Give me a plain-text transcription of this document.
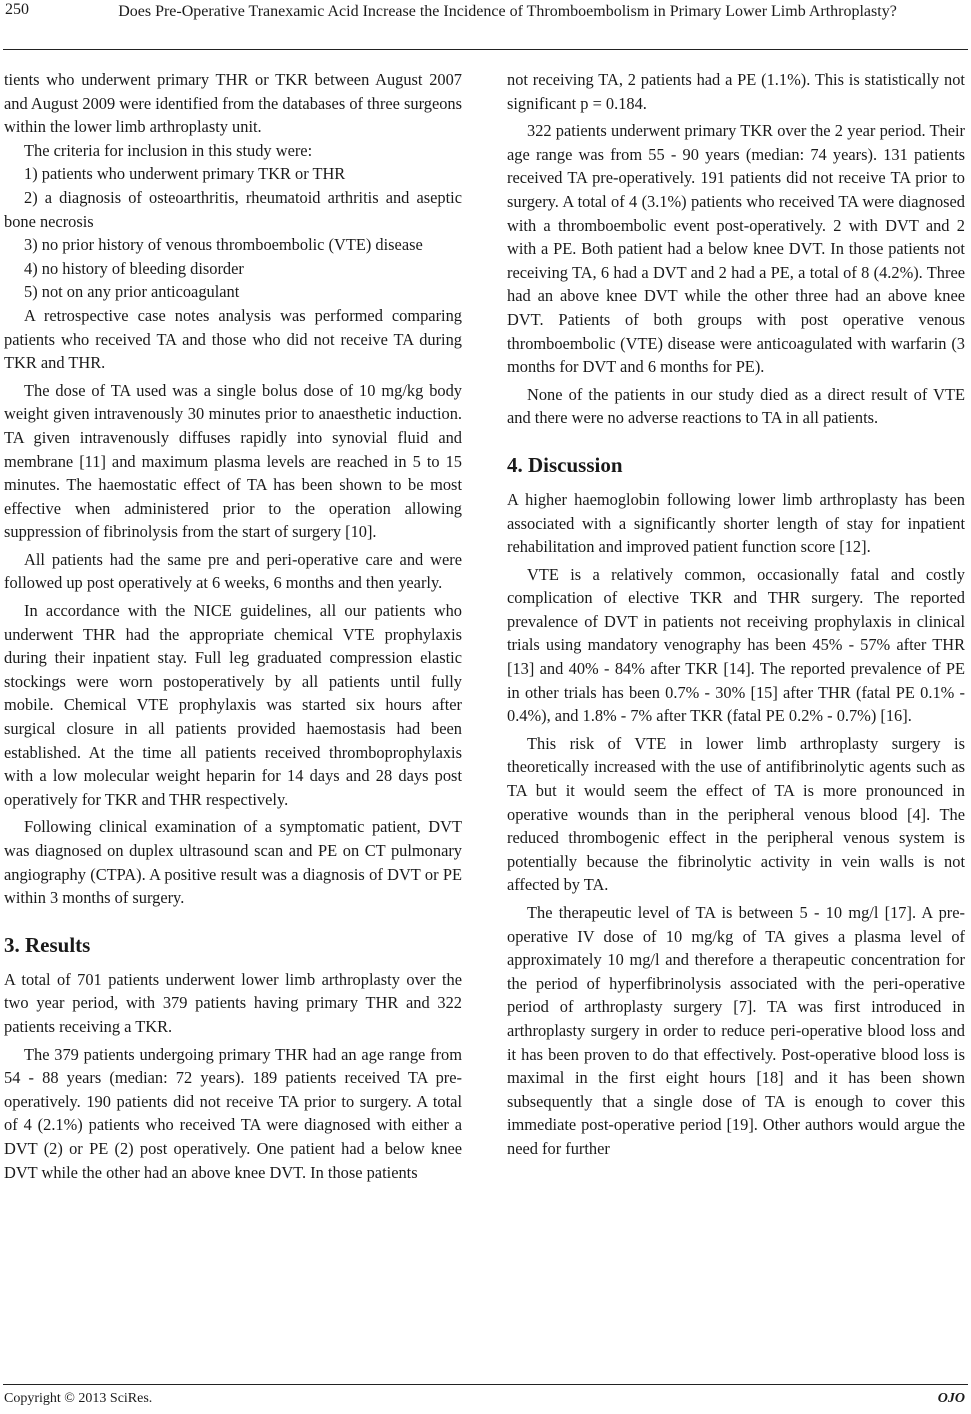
250	Does Pre-Operative Tranexamic Acid Increase the Incidence of Thromboembolism in Primary Lower Limb Arthroplasty?

tients who underwent primary THR or TKR between August 2007 and August 2009 were identified from the databases of three surgeons within the lower limb arthroplasty unit.

The criteria for inclusion in this study were:

1) patients who underwent primary TKR or THR

2) a diagnosis of osteoarthritis, rheumatoid arthritis and aseptic bone necrosis

3) no prior history of venous thromboembolic (VTE) disease

4) no history of bleeding disorder

5) not on any prior anticoagulant

A retrospective case notes analysis was performed comparing patients who received TA and those who did not receive TA during TKR and THR.

The dose of TA used was a single bolus dose of 10 mg/kg body weight given intravenously 30 minutes prior to anaesthetic induction. TA given intravenously diffuses rapidly into synovial fluid and membrane [11] and maximum plasma levels are reached in 5 to 15 minutes. The haemostatic effect of TA has been shown to be most effective when administered prior to the operation allowing suppression of fibrinolysis from the start of surgery [10].

All patients had the same pre and peri-operative care and were followed up post operatively at 6 weeks, 6 months and then yearly.

In accordance with the NICE guidelines, all our patients who underwent THR had the appropriate chemical VTE prophylaxis during their inpatient stay. Full leg graduated compression elastic stockings were worn postoperatively by all patients until fully mobile. Chemical VTE prophylaxis was started six hours after surgical closure in all patients provided haemostasis had been established. At the time all patients received thromboprophylaxis with a low molecular weight heparin for 14 days and 28 days post operatively for TKR and THR respectively.

Following clinical examination of a symptomatic patient, DVT was diagnosed on duplex ultrasound scan and PE on CT pulmonary angiography (CTPA). A positive result was a diagnosis of DVT or PE within 3 months of surgery.

3. Results

A total of 701 patients underwent lower limb arthroplasty over the two year period, with 379 patients having primary THR and 322 patients receiving a TKR.

The 379 patients undergoing primary THR had an age range from 54 - 88 years (median: 72 years). 189 patients received TA pre-operatively. 190 patients did not receive TA prior to surgery. A total of 4 (2.1%) patients who received TA were diagnosed with either a DVT (2) or PE (2) post operatively. One patient had a below knee DVT while the other had an above knee DVT. In those patients

not receiving TA, 2 patients had a PE (1.1%). This is statistically not significant p = 0.184.

322 patients underwent primary TKR over the 2 year period. Their age range was from 55 - 90 years (median: 74 years). 131 patients received TA pre-operatively. 191 patients did not receive TA prior to surgery. A total of 4 (3.1%) patients who received TA were diagnosed with a thromboembolic event post-operatively. 2 with DVT and 2 with a PE. Both patient had a below knee DVT. In those patients not receiving TA, 6 had a DVT and 2 had a PE, a total of 8 (4.2%). Three had an above knee DVT while the other three had an above knee DVT. Patients of both groups with post operative venous thromboembolic (VTE) disease were anticoagulated with warfarin (3 months for DVT and 6 months for PE).

None of the patients in our study died as a direct result of VTE and there were no adverse reactions to TA in all patients.

4. Discussion

A higher haemoglobin following lower limb arthroplasty has been associated with a significantly shorter length of stay for inpatient rehabilitation and improved patient function score [12].

VTE is a relatively common, occasionally fatal and costly complication of elective TKR and THR surgery. The reported prevalence of DVT in patients not receiving prophylaxis in clinical trials using mandatory venography has been 45% - 57% after THR [13] and 40% - 84% after TKR [14]. The reported prevalence of PE in other trials has been 0.7% - 30% [15] after THR (fatal PE 0.1% - 0.4%), and 1.8% - 7% after TKR (fatal PE 0.2% - 0.7%) [16].

This risk of VTE in lower limb arthroplasty surgery is theoretically increased with the use of antifibrinolytic agents such as TA but it would seem the effect of TA is more pronounced in operative wounds than in the peripheral venous blood [4]. The reduced thrombogenic effect in the peripheral venous system is potentially because the fibrinolytic activity in vein walls is not affected by TA.

The therapeutic level of TA is between 5 - 10 mg/l [17]. A pre-operative IV dose of 10 mg/kg of TA gives a plasma level of approximately 10 mg/l and therefore a therapeutic concentration for the period of hyperfibrinolysis associated with the peri-operative period of arthroplasty surgery [7]. TA was first introduced in arthroplasty surgery in order to reduce peri-operative blood loss and it has been proven to do that effectively. Post-operative blood loss is maximal in the first eight hours [18] and it has been shown subsequently that a single dose of TA is enough to cover this immediate post-operative period [19]. Other authors would argue the need for further

Copyright © 2013 SciRes.	OJO
